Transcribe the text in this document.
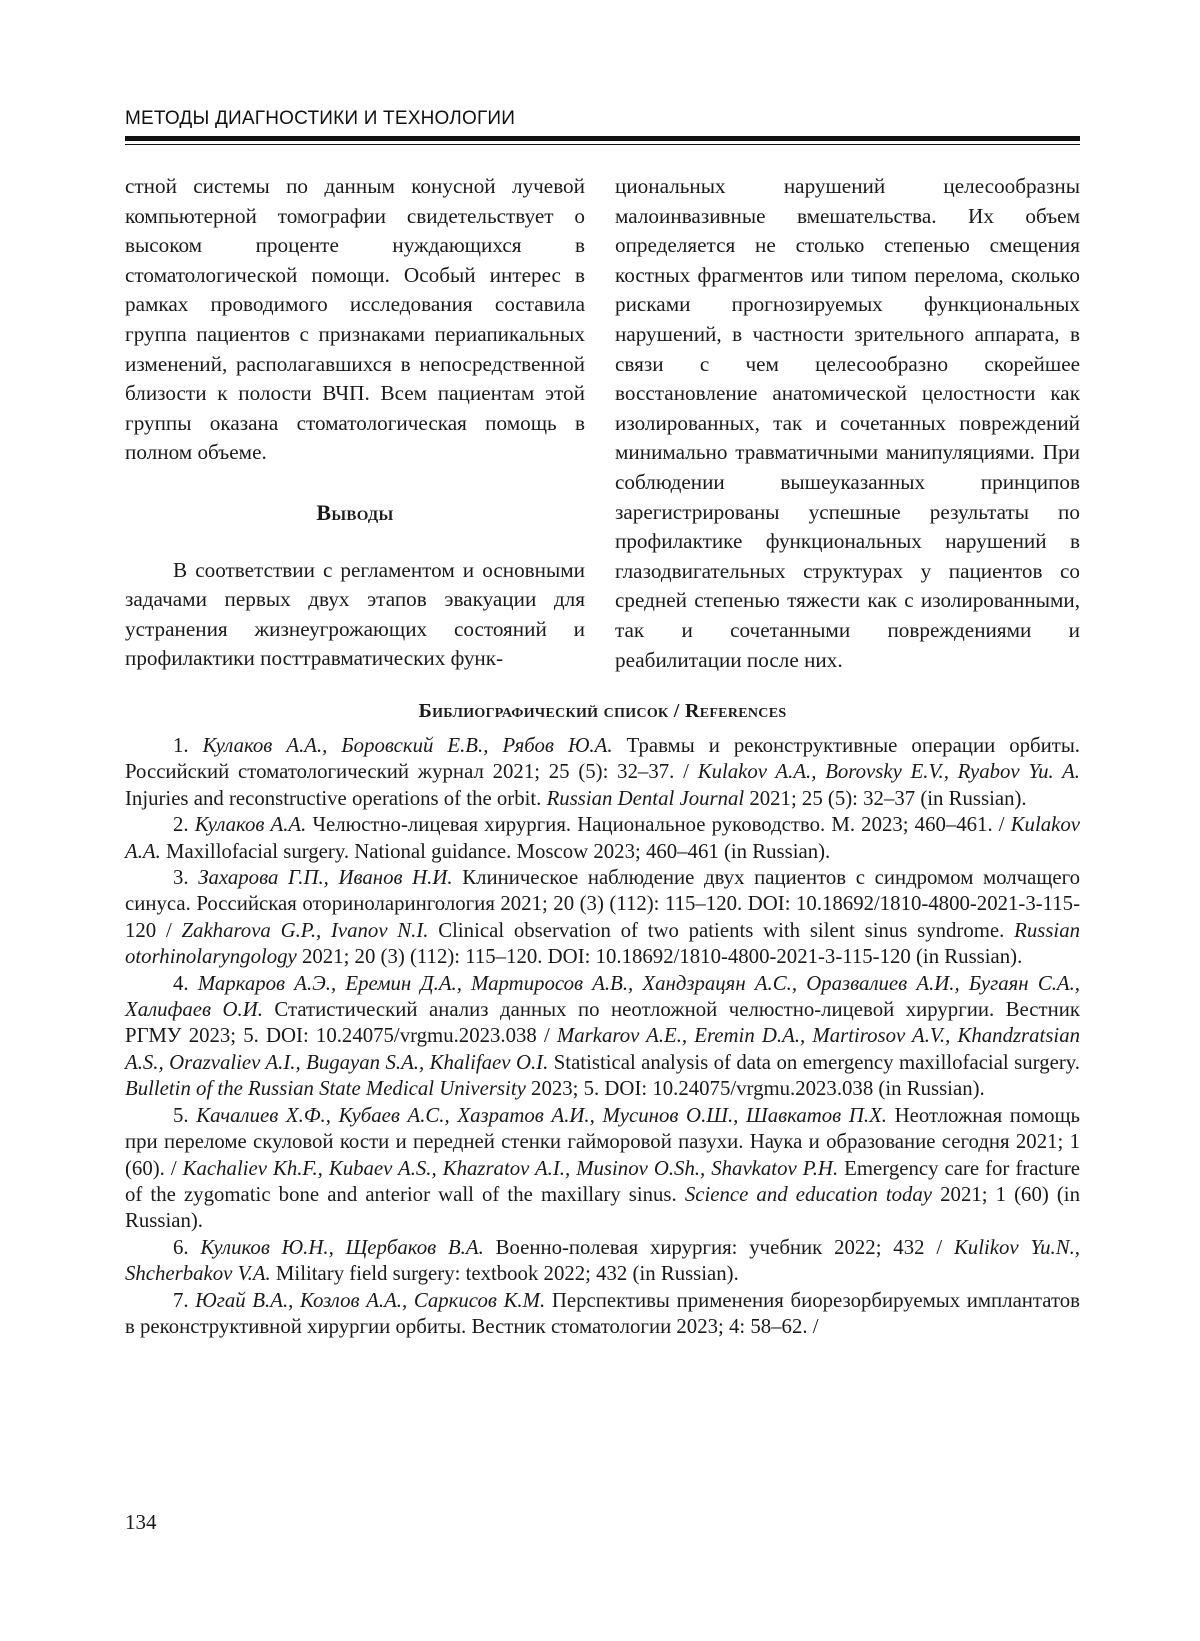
МЕТОДЫ ДИАГНОСТИКИ И ТЕХНОЛОГИИ

стной системы по данным конусной лучевой компьютерной томографии свидетельствует о высоком проценте нуждающихся в стоматологической помощи. Особый интерес в рамках проводимого исследования составила группа пациентов с признаками периапикальных изменений, располагавшихся в непосредственной близости к полости ВЧП. Всем пациентам этой группы оказана стоматологическая помощь в полном объеме.

Выводы

В соответствии с регламентом и основными задачами первых двух этапов эвакуации для устранения жизнеугрожающих состояний и профилактики посттравматических функ-

циональных нарушений целесообразны малоинвазивные вмешательства. Их объем определяется не столько степенью смещения костных фрагментов или типом перелома, сколько рисками прогнозируемых функциональных нарушений, в частности зрительного аппарата, в связи с чем целесообразно скорейшее восстановление анатомической целостности как изолированных, так и сочетанных повреждений минимально травматичными манипуляциями. При соблюдении вышеуказанных принципов зарегистрированы успешные результаты по профилактике функциональных нарушений в глазодвигательных структурах у пациентов со средней степенью тяжести как с изолированными, так и сочетанными повреждениями и реабилитации после них.

Библиографический список / References

1. Кулаков А.А., Боровский Е.В., Рябов Ю.А. Травмы и реконструктивные операции орбиты. Российский стоматологический журнал 2021; 25 (5): 32–37. / Kulakov A.A., Borovsky E.V., Ryabov Yu. A. Injuries and reconstructive operations of the orbit. Russian Dental Journal 2021; 25 (5): 32–37 (in Russian).

2. Кулаков А.А. Челюстно-лицевая хирургия. Национальное руководство. М. 2023; 460–461. / Kulakov A.A. Maxillofacial surgery. National guidance. Moscow 2023; 460–461 (in Russian).

3. Захарова Г.П., Иванов Н.И. Клиническое наблюдение двух пациентов с синдромом молчащего синуса. Российская оториноларингология 2021; 20 (3) (112): 115–120. DOI: 10.18692/1810-4800-2021-3-115-120 / Zakharova G.P., Ivanov N.I. Clinical observation of two patients with silent sinus syndrome. Russian otorhinolaryngology 2021; 20 (3) (112): 115–120. DOI: 10.18692/1810-4800-2021-3-115-120 (in Russian).

4. Маркаров А.Э., Еремин Д.А., Мартиросов А.В., Хандзрацян А.С., Оразвалиев А.И., Бугаян С.А., Халифаев О.И. Статистический анализ данных по неотложной челюстно-лицевой хирургии. Вестник РГМУ 2023; 5. DOI: 10.24075/vrgmu.2023.038 / Markarov A.E., Eremin D.A., Martirosov A.V., Khandzratsian A.S., Orazvaliev A.I., Bugayan S.A., Khalifaev O.I. Statistical analysis of data on emergency maxillofacial surgery. Bulletin of the Russian State Medical University 2023; 5. DOI: 10.24075/vrgmu.2023.038 (in Russian).

5. Качалиев Х.Ф., Кубаев А.С., Хазратов А.И., Мусинов О.Ш., Шавкатов П.Х. Неотложная помощь при переломе скуловой кости и передней стенки гайморовой пазухи. Наука и образование сегодня 2021; 1 (60). / Kachaliev Kh.F., Kubaev A.S., Khazratov A.I., Musinov O.Sh., Shavkatov P.H. Emergency care for fracture of the zygomatic bone and anterior wall of the maxillary sinus. Science and education today 2021; 1 (60) (in Russian).

6. Куликов Ю.Н., Щербаков В.А. Военно-полевая хирургия: учебник 2022; 432 / Kulikov Yu.N., Shcherbakov V.A. Military field surgery: textbook 2022; 432 (in Russian).

7. Югай В.А., Козлов А.А., Саркисов К.М. Перспективы применения биорезорбируемых имплантатов в реконструктивной хирургии орбиты. Вестник стоматологии 2023; 4: 58–62. /

134
